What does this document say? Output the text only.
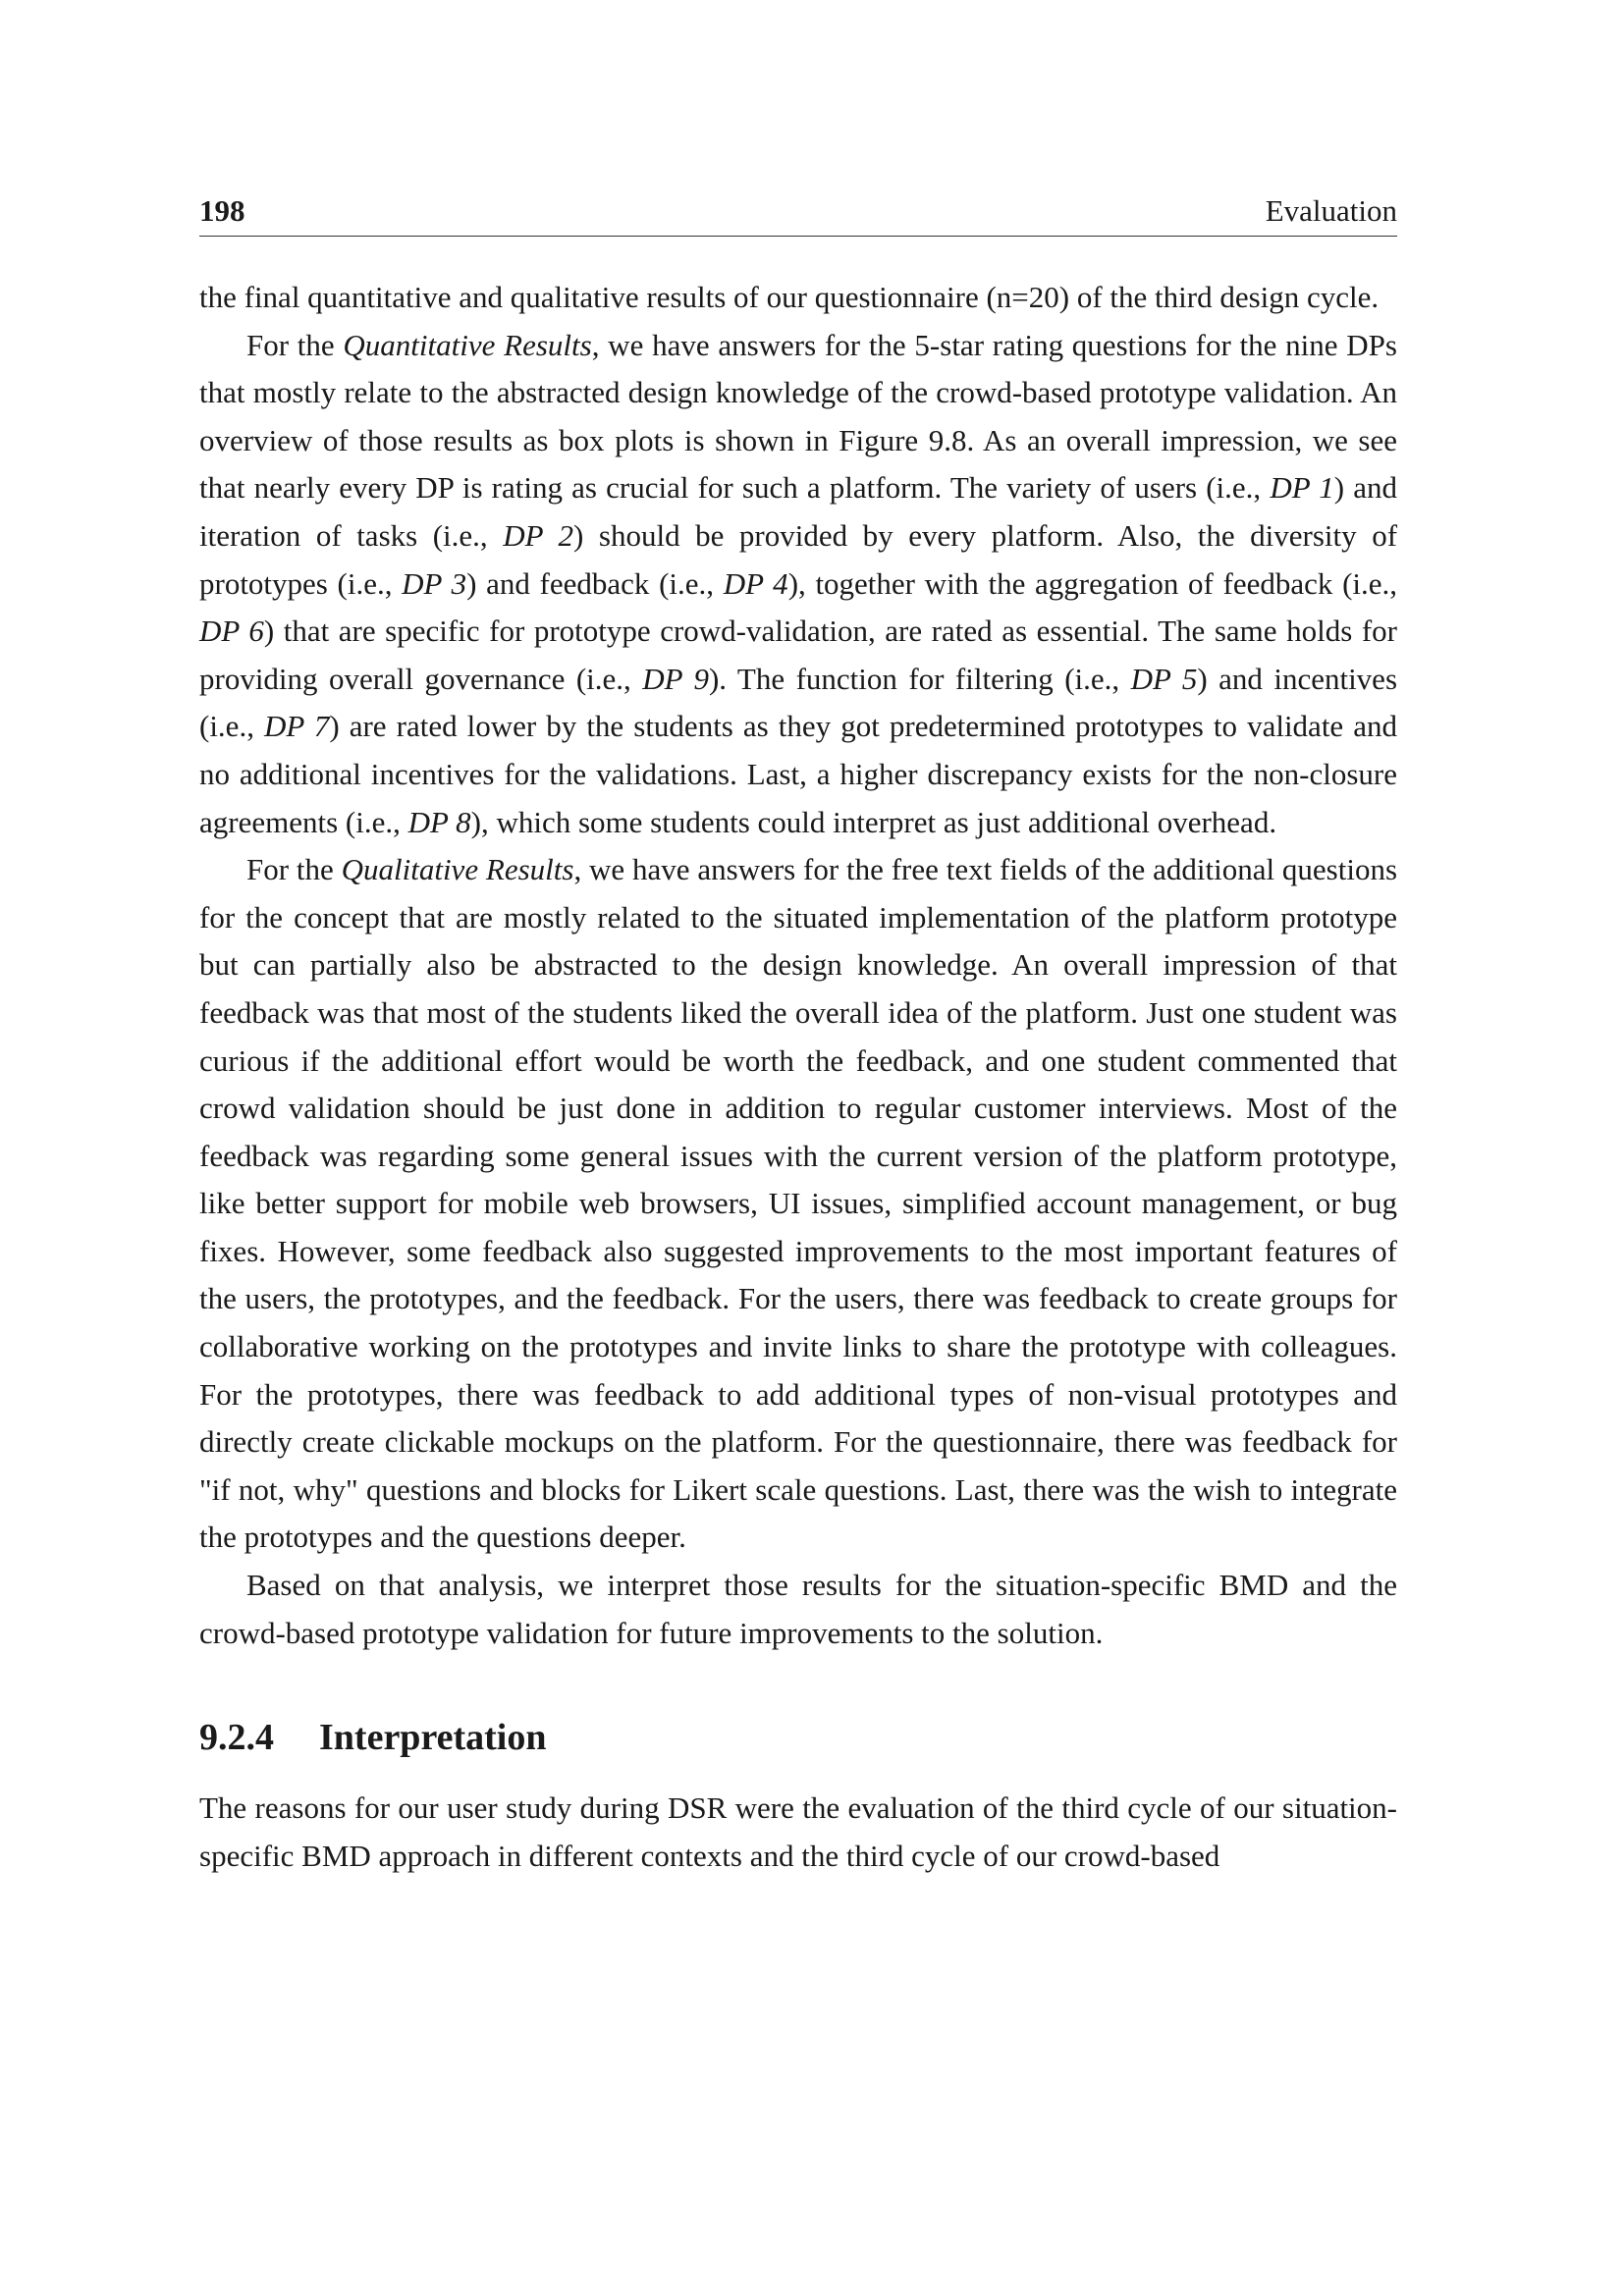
198	Evaluation

the final quantitative and qualitative results of our questionnaire (n=20) of the third design cycle.

For the Quantitative Results, we have answers for the 5-star rating questions for the nine DPs that mostly relate to the abstracted design knowledge of the crowd-based prototype validation. An overview of those results as box plots is shown in Figure 9.8. As an overall impression, we see that nearly every DP is rating as crucial for such a platform. The variety of users (i.e., DP 1) and iteration of tasks (i.e., DP 2) should be provided by every platform. Also, the diversity of prototypes (i.e., DP 3) and feedback (i.e., DP 4), together with the aggregation of feedback (i.e., DP 6) that are specific for prototype crowd-validation, are rated as essential. The same holds for providing overall governance (i.e., DP 9). The function for filtering (i.e., DP 5) and incentives (i.e., DP 7) are rated lower by the students as they got predetermined prototypes to validate and no additional incentives for the validations. Last, a higher discrepancy exists for the non-closure agreements (i.e., DP 8), which some students could interpret as just additional overhead.

For the Qualitative Results, we have answers for the free text fields of the additional questions for the concept that are mostly related to the situated implementation of the platform prototype but can partially also be abstracted to the design knowledge. An overall impression of that feedback was that most of the students liked the overall idea of the platform. Just one student was curious if the additional effort would be worth the feedback, and one student commented that crowd validation should be just done in addition to regular customer interviews. Most of the feedback was regarding some general issues with the current version of the platform prototype, like better support for mobile web browsers, UI issues, simplified account management, or bug fixes. However, some feedback also suggested improvements to the most important features of the users, the prototypes, and the feedback. For the users, there was feedback to create groups for collaborative working on the prototypes and invite links to share the prototype with colleagues. For the prototypes, there was feedback to add additional types of non-visual prototypes and directly create clickable mockups on the platform. For the questionnaire, there was feedback for "if not, why" questions and blocks for Likert scale questions. Last, there was the wish to integrate the prototypes and the questions deeper.

Based on that analysis, we interpret those results for the situation-specific BMD and the crowd-based prototype validation for future improvements to the solution.

9.2.4 Interpretation

The reasons for our user study during DSR were the evaluation of the third cycle of our situation-specific BMD approach in different contexts and the third cycle of our crowd-based
